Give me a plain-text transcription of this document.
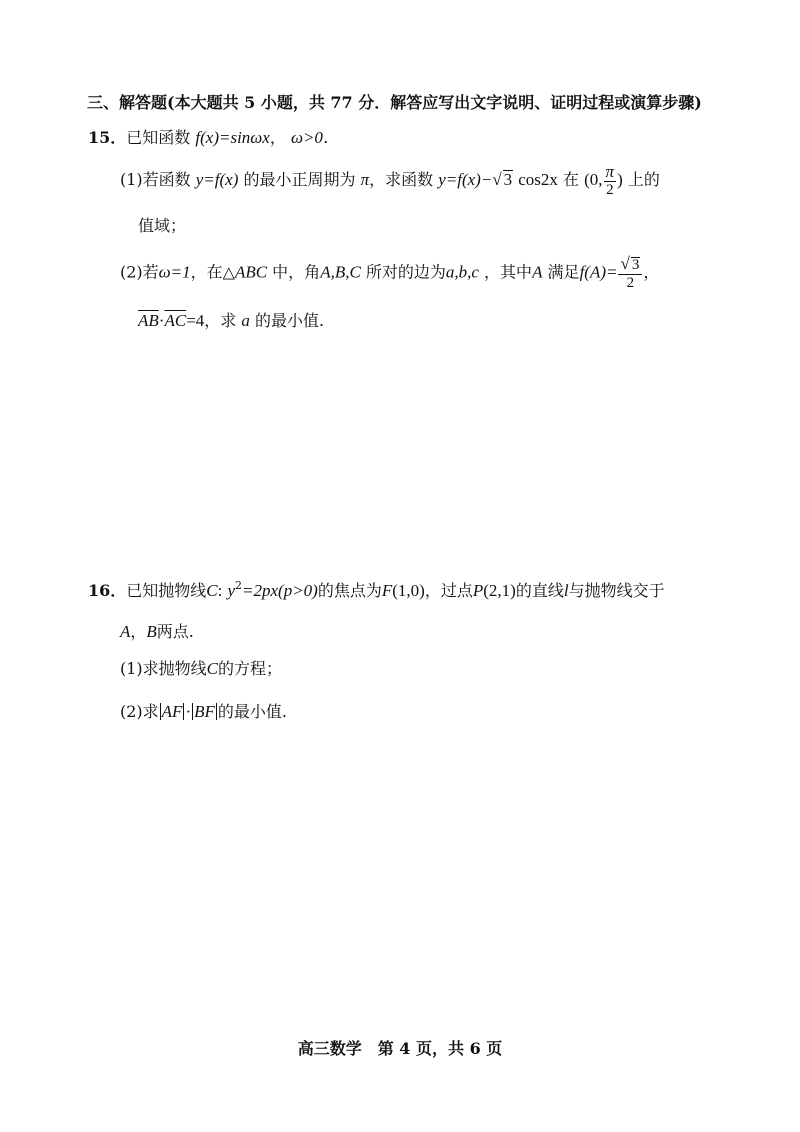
三、解答题(本大题共 5 小题，共 77 分．解答应写出文字说明、证明过程或演算步骤)
15．已知函数 f(x)=sinωx， ω>0．
(1)若函数 y=f(x) 的最小正周期为 π，求函数 y=f(x)−√ 3 cos2x 在 (0, $\frac{\pi}{2}$ ) 上的
值域；
(2)若ω=1，在△ABC 中，角A,B,C 所对的边为a,b,c ，其中A 满足$f(A)= \frac{√ 3}{2}$ ，
$\overline{AB}\cdot\overline{AC}=4$，求 a 的最小值.
16．已知抛物线C: $y^2=2px(p>0)$的焦点为F(1,0)，过点P(2,1)的直线l与抛物线交于
A，B两点.
(1)求抛物线C的方程；
(2)求 AF · BF 的最小值.
高三数学　第 4 页，共 6 页
